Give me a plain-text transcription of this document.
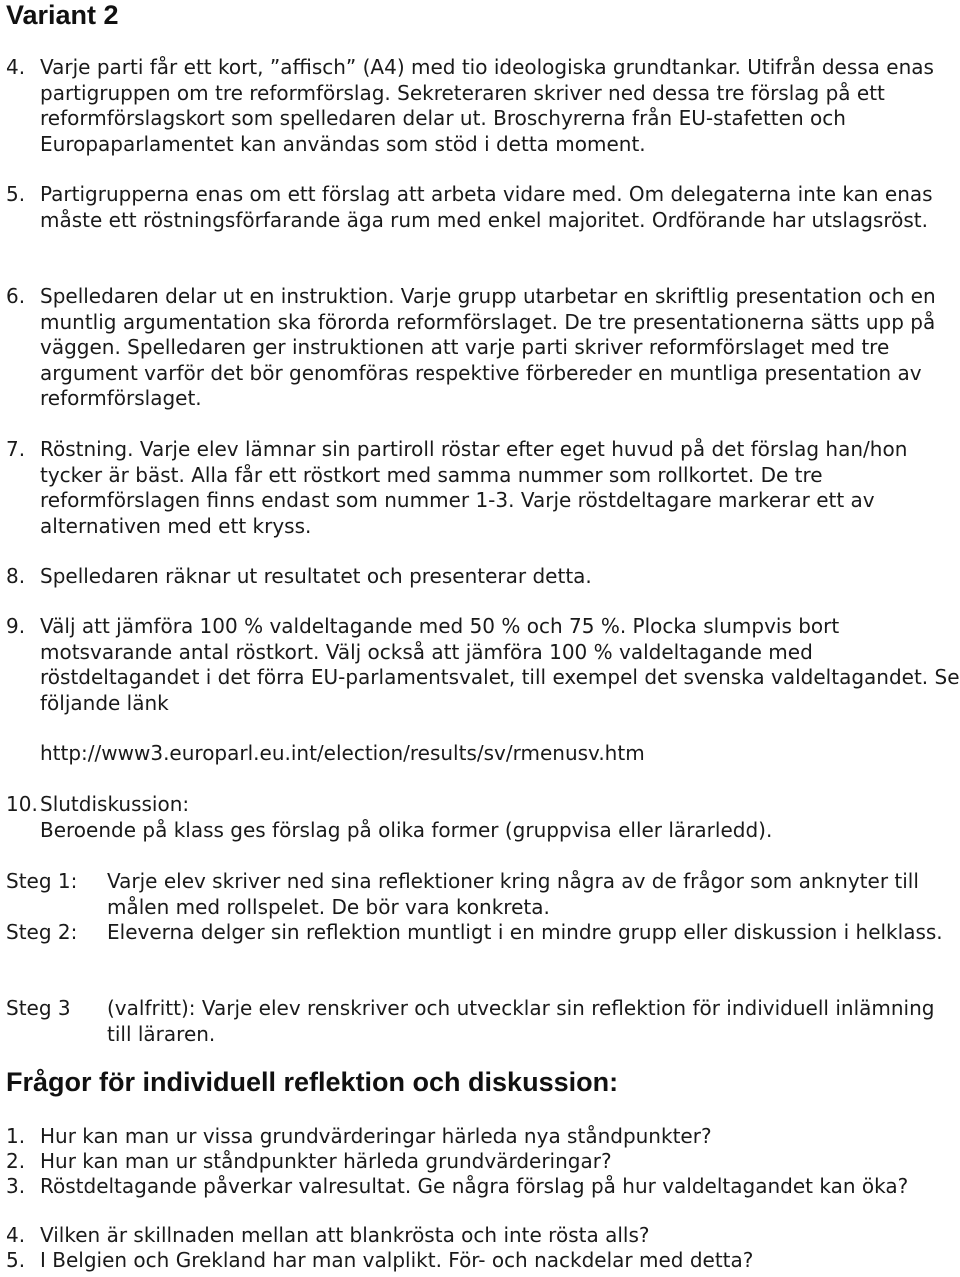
Variant 2
4. Varje parti får ett kort, ”affisch” (A4) med tio ideologiska grundtankar. Utifrån dessa enas partigruppen om tre reformförslag. Sekreteraren skriver ned dessa tre förslag på ett reformförslagskort som spelledaren delar ut. Broschyrerna från EU-stafetten och Europaparlamentet kan användas som stöd i detta moment.
5. Partigrupperna enas om ett förslag att arbeta vidare med. Om delegaterna inte kan enas måste ett röstningsförfarande äga rum med enkel majoritet. Ordförande har utslagsröst.
6. Spelledaren delar ut en instruktion. Varje grupp utarbetar en skriftlig presentation och en muntlig argumentation ska förorda reformförslaget. De tre presentationerna sätts upp på väggen. Spelledaren ger instruktionen att varje parti skriver reformförslaget med tre argument varför det bör genomföras respektive förbereder en muntliga presentation av reformförslaget.
7. Röstning. Varje elev lämnar sin partiroll röstar efter eget huvud på det förslag han/hon tycker är bäst. Alla får ett röstkort med samma nummer som rollkortet. De tre reformförslagen finns endast som nummer 1-3. Varje röstdeltagare markerar ett av alternativen med ett kryss.
8. Spelledaren räknar ut resultatet och presenterar detta.
9. Välj att jämföra 100 % valdeltagande med 50 % och 75 %. Plocka slumpvis bort motsvarande antal röstkort. Välj också att jämföra 100 % valdeltagande med röstdeltagandet i det förra EU-parlamentsvalet, till exempel det svenska valdeltagandet. Se följande länk
http://www3.europarl.eu.int/election/results/sv/rmenusv.htm
10. Slutdiskussion:
Beroende på klass ges förslag på olika former (gruppvisa eller lärarledd).
Steg 1: Varje elev skriver ned sina reflektioner kring några av de frågor som anknyter till målen med rollspelet. De bör vara konkreta.
Steg 2: Eleverna delger sin reflektion muntligt i en mindre grupp eller diskussion i helklass.
Steg 3 (valfritt): Varje elev renskriver och utvecklar sin reflektion för individuell inlämning till läraren.
Frågor för individuell reflektion och diskussion:
1. Hur kan man ur vissa grundvärderingar härleda nya ståndpunkter?
2. Hur kan man ur ståndpunkter härleda grundvärderingar?
3. Röstdeltagande påverkar valresultat. Ge några förslag på hur valdeltagandet kan öka?
4. Vilken är skillnaden mellan att blankrösta och inte rösta alls?
5. I Belgien och Grekland har man valplikt. För- och nackdelar med detta?
